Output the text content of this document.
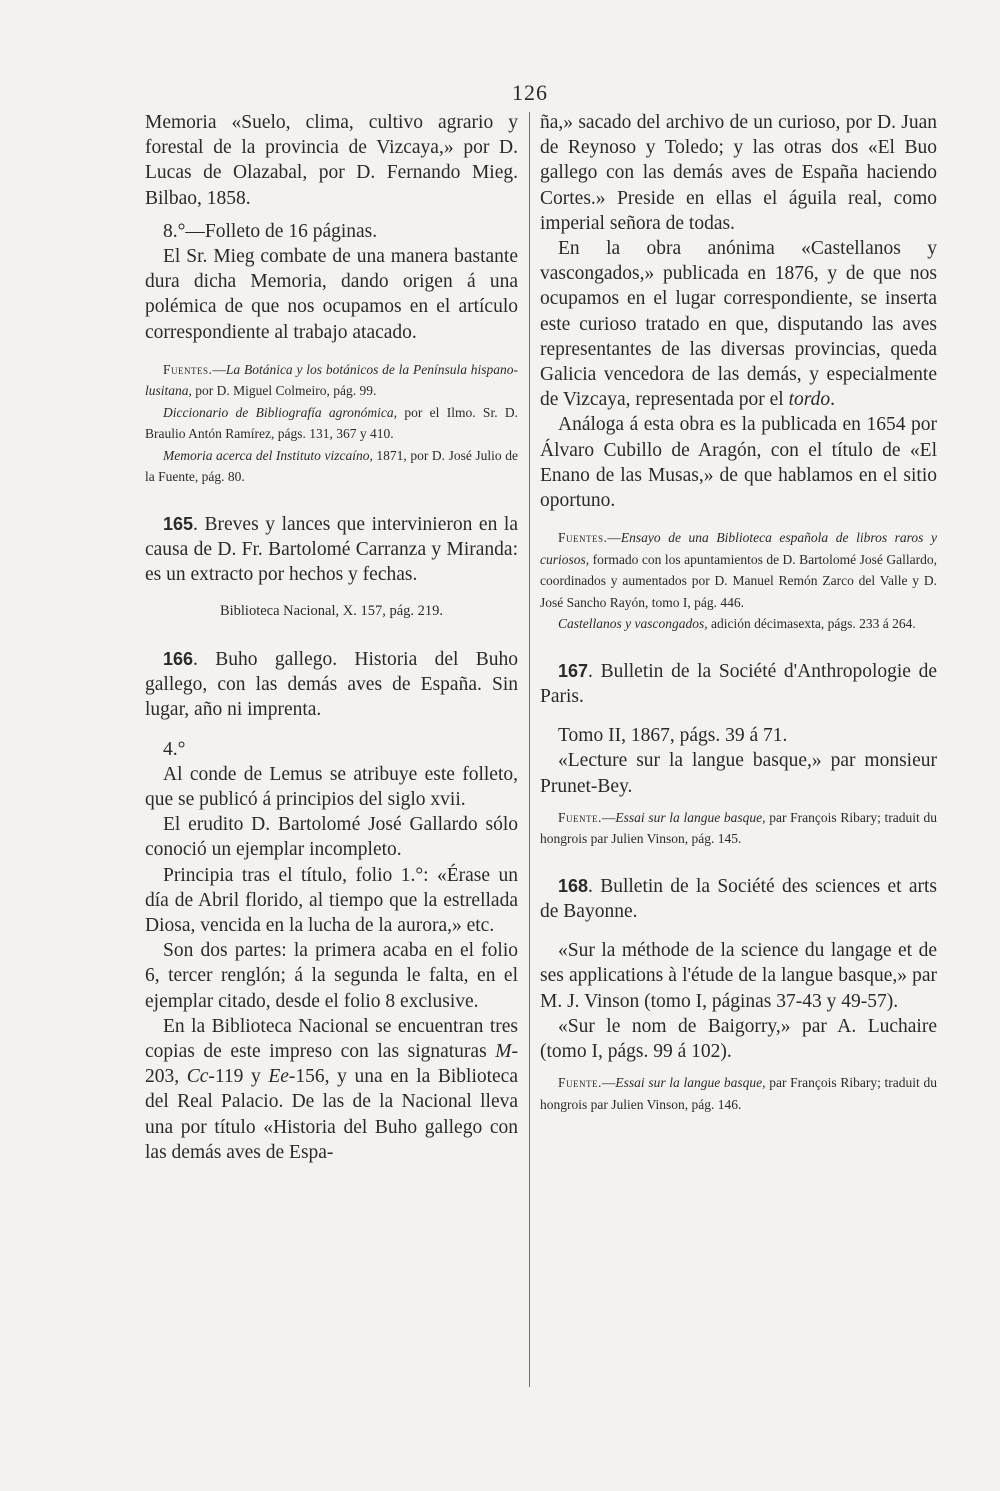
126

Memoria «Suelo, clima, cultivo agrario y forestal de la provincia de Vizcaya,» por D. Lucas de Olazabal, por D. Fernando Mieg. Bilbao, 1858.

8.°—Folleto de 16 páginas.

El Sr. Mieg combate de una manera bastante dura dicha Memoria, dando origen á una polémica de que nos ocupamos en el artículo correspondiente al trabajo atacado.

Fuentes.—La Botánica y los botánicos de la Península hispano-lusitana, por D. Miguel Colmeiro, pág. 99.

Diccionario de Bibliografía agronómica, por el Ilmo. Sr. D. Braulio Antón Ramírez, págs. 131, 367 y 410.

Memoria acerca del Instituto vizcaíno, 1871, por D. José Julio de la Fuente, pág. 80.

165. Breves y lances que intervinieron en la causa de D. Fr. Bartolomé Carranza y Miranda: es un extracto por hechos y fechas.

Biblioteca Nacional, X. 157, pág. 219.

166. Buho gallego. Historia del Buho gallego, con las demás aves de España. Sin lugar, año ni imprenta.

4.°

Al conde de Lemus se atribuye este folleto, que se publicó á principios del siglo xvii.

El erudito D. Bartolomé José Gallardo sólo conoció un ejemplar incompleto.

Principia tras el título, folio 1.°: «Érase un día de Abril florido, al tiempo que la estrellada Diosa, vencida en la lucha de la aurora,» etc.

Son dos partes: la primera acaba en el folio 6, tercer renglón; á la segunda le falta, en el ejemplar citado, desde el folio 8 exclusive.

En la Biblioteca Nacional se encuentran tres copias de este impreso con las signaturas M-203, Cc-119 y Ee-156, y una en la Biblioteca del Real Palacio. De las de la Nacional lleva una por título «Historia del Buho gallego con las demás aves de Espa-

ña,» sacado del archivo de un curioso, por D. Juan de Reynoso y Toledo; y las otras dos «El Buo gallego con las demás aves de España haciendo Cortes.» Preside en ellas el águila real, como imperial señora de todas.

En la obra anónima «Castellanos y vascongados,» publicada en 1876, y de que nos ocupamos en el lugar correspondiente, se inserta este curioso tratado en que, disputando las aves representantes de las diversas provincias, queda Galicia vencedora de las demás, y especialmente de Vizcaya, representada por el tordo.

Análoga á esta obra es la publicada en 1654 por Álvaro Cubillo de Aragón, con el título de «El Enano de las Musas,» de que hablamos en el sitio oportuno.

Fuentes.—Ensayo de una Biblioteca española de libros raros y curiosos, formado con los apuntamientos de D. Bartolomé José Gallardo, coordinados y aumentados por D. Manuel Remón Zarco del Valle y D. José Sancho Rayón, tomo I, pág. 446.

Castellanos y vascongados, adición décimasexta, págs. 233 á 264.

167. Bulletin de la Société d'Anthropologie de Paris.

Tomo II, 1867, págs. 39 á 71.

«Lecture sur la langue basque,» par monsieur Prunet-Bey.

Fuente.—Essai sur la langue basque, par François Ribary; traduit du hongrois par Julien Vinson, pág. 145.

168. Bulletin de la Société des sciences et arts de Bayonne.

«Sur la méthode de la science du langage et de ses applications à l'étude de la langue basque,» par M. J. Vinson (tomo I, páginas 37-43 y 49-57).

«Sur le nom de Baigorry,» par A. Luchaire (tomo I, págs. 99 á 102).

Fuente.—Essai sur la langue basque, par François Ribary; traduit du hongrois par Julien Vinson, pág. 146.
